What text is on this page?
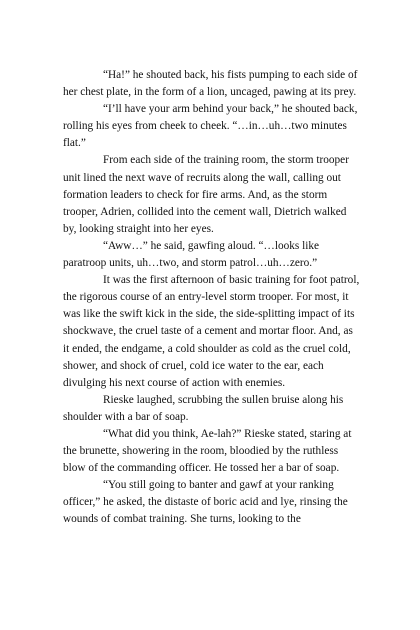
“Ha!” he shouted back, his fists pumping to each side of her chest plate, in the form of a lion, uncaged, pawing at its prey.

“I’ll have your arm behind your back,” he shouted back, rolling his eyes from cheek to cheek. “…in…uh…two minutes flat.”

From each side of the training room, the storm trooper unit lined the next wave of recruits along the wall, calling out formation leaders to check for fire arms. And, as the storm trooper, Adrien, collided into the cement wall, Dietrich walked by, looking straight into her eyes.

“Aww…” he said, gawfing aloud. “…looks like paratroop units, uh…two, and storm patrol…uh…zero.”

It was the first afternoon of basic training for foot patrol, the rigorous course of an entry-level storm trooper. For most, it was like the swift kick in the side, the side-splitting impact of its shockwave, the cruel taste of a cement and mortar floor. And, as it ended, the endgame, a cold shoulder as cold as the cruel cold, shower, and shock of cruel, cold ice water to the ear, each divulging his next course of action with enemies.

Rieske laughed, scrubbing the sullen bruise along his shoulder with a bar of soap.

“What did you think, Ae-lah?” Rieske stated, staring at the brunette, showering in the room, bloodied by the ruthless blow of the commanding officer. He tossed her a bar of soap.

“You still going to banter and gawf at your ranking officer,” he asked, the distaste of boric acid and lye, rinsing the wounds of combat training. She turns, looking to the
